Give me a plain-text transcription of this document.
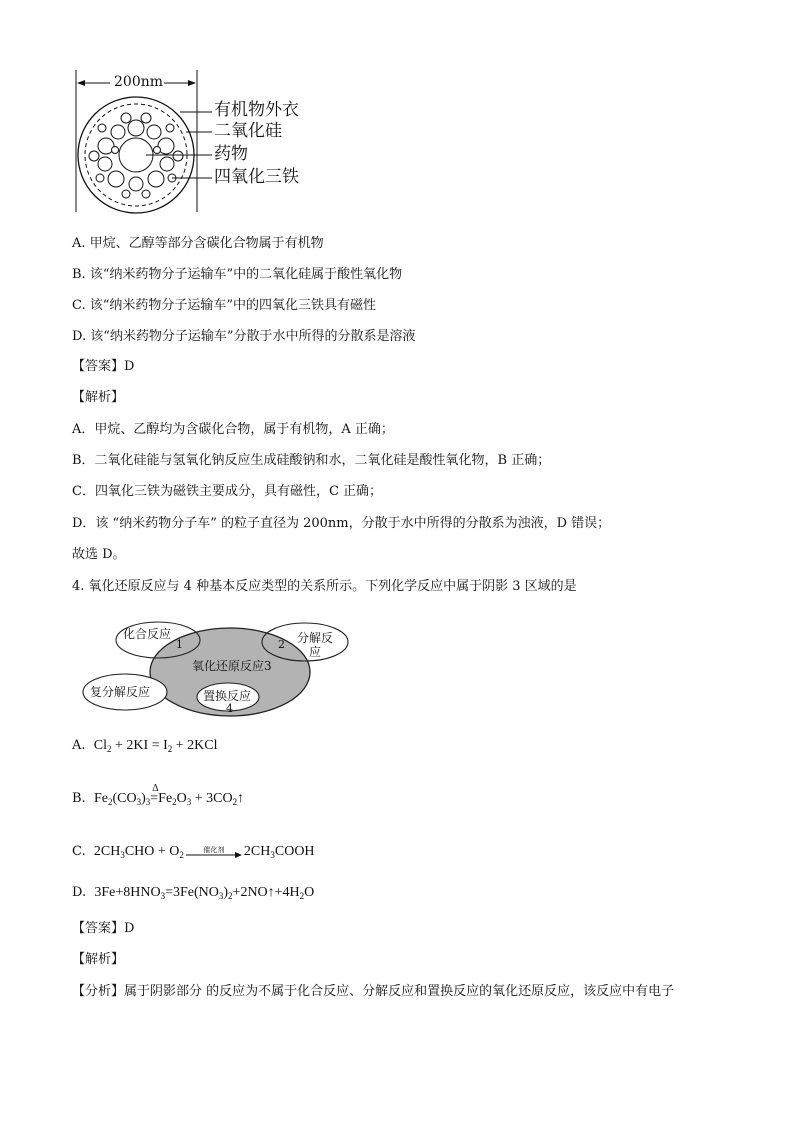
200nm
有机物外衣
二氧化硅
药物
四氧化三铁
A. 甲烷、乙醇等部分含碳化合物属于有机物
B. 该“纳米药物分子运输车”中的二氧化硅属于酸性氧化物
C. 该“纳米药物分子运输车”中的四氧化三铁具有磁性
D. 该“纳米药物分子运输车”分散于水中所得的分散系是溶液
【答案】D
【解析】
A．甲烷、乙醇均为含碳化合物，属于有机物，A 正确；
B．二氧化硅能与氢氧化钠反应生成硅酸钠和水，二氧化硅是酸性氧化物，B 正确；
C．四氧化三铁为磁铁主要成分，具有磁性，C 正确；
D．该 “纳米药物分子车” 的粒子直径为 200nm，分散于水中所得的分散系为浊液，D 错误；
故选 D。
4. 氧化还原反应与 4 种基本反应类型的关系所示。下列化学反应中属于阴影 3 区域的是
化合反应
1	分解反
应
2
氧化还原反应3
复分解反应	置换反应
4
A. $Cl_2 + 2KI = I_2 + 2KCl$
B. $Fe_2(CO_3)_3$
Δ
$=Fe_2O_3$ + $3CO_2↑$
C. $2CH_3CHO + O_2$
催化剂	$2CH_3COOH$
D. $3Fe+8HNO_3=3Fe(NO_3)_2+2NO↑+4H_2O$
【答案】D
【解析】
【分析】属于阴影部分 的反应为不属于化合反应、分解反应和置换反应的氧化还原反应，该反应中有电子
